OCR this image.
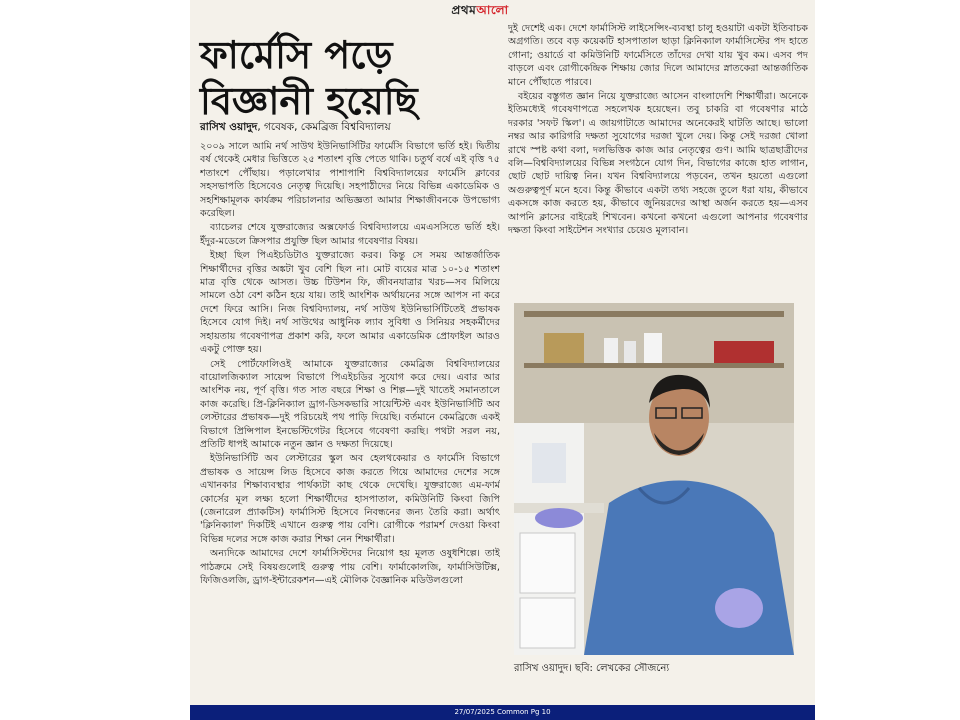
প্রথমআলো
ফার্মেসি পড়ে
বিজ্ঞানী হয়েছি
রাসিখ ওয়াদুদ, গবেষক, কেমব্রিজ বিশ্ববিদ্যালয়

২০০৯ সালে আমি নর্থ সাউথ ইউনিভার্সিটির ফার্মেসি বিভাগে ভর্তি হই। দ্বিতীয় বর্ষ থেকেই মেধার ভিত্তিতে ২৫ শতাংশ বৃত্তি পেতে থাকি। চতুর্থ বর্ষে এই বৃত্তি ৭৫ শতাংশে পৌঁছায়। পড়ালেখার পাশাপাশি বিশ্ববিদ্যালয়ের ফার্মেসি ক্লাবের সহসভাপতি হিসেবেও নেতৃত্ব দিয়েছি। সহপাঠীদের নিয়ে বিভিন্ন একাডেমিক ও সহশিক্ষামূলক কার্যক্রম পরিচালনার অভিজ্ঞতা আমার শিক্ষাজীবনকে উপভোগ্য করেছিল।

ব্যাচেলর শেষে যুক্তরাজ্যের অক্সফোর্ড বিশ্ববিদ্যালয়ে এমএসসিতে ভর্তি হই। ইঁদুর-মডেলে ক্রিসপার প্রযুক্তি ছিল আমার গবেষণার বিষয়।

ইচ্ছা ছিল পিএইচডিটাও যুক্তরাজ্যে করব। কিন্তু সে সময় আন্তর্জাতিক শিক্ষার্থীদের বৃত্তির অঙ্কটা খুব বেশি ছিল না। মোট ব্যয়ের মাত্র ১০-১৫ শতাংশ মাত্র বৃত্তি থেকে আসত। উচ্চ টিউশন ফি, জীবনযাত্রার খরচ—সব মিলিয়ে সামলে ওঠা বেশ কঠিন হয়ে যায়। তাই আংশিক অর্থায়নের সঙ্গে আপস না করে দেশে ফিরে আসি। নিজ বিশ্ববিদ্যালয়, নর্থ সাউথ ইউনিভার্সিটিতেই প্রভাষক হিসেবে যোগ দিই। নর্থ সাউথের আধুনিক ল্যাব সুবিধা ও সিনিয়র সহকর্মীদের সহায়তায় গবেষণাপত্র প্রকাশ করি, ফলে আমার একাডেমিক প্রোফাইল আরও একটু পোক্ত হয়।

সেই পোর্টফোলিওই আমাকে যুক্তরাজ্যের কেমব্রিজ বিশ্ববিদ্যালয়ের বায়োলজিক্যাল সায়েন্স বিভাগে পিএইচডির সুযোগ করে দেয়। এবার আর আংশিক নয়, পূর্ণ বৃত্তি। গত সাত বছরে শিক্ষা ও শিল্প—দুই খাতেই সমানতালে কাজ করেছি। প্রি-ক্লিনিক্যাল ড্রাগ-ডিসকভারি সায়েন্টিস্ট এবং ইউনিভার্সিটি অব লেস্টারের প্রভাষক—দুই পরিচয়েই পথ পাড়ি দিয়েছি। বর্তমানে কেমব্রিজে একই বিভাগে প্রিন্সিপাল ইনভেস্টিগেটর হিসেবে গবেষণা করছি। পথটা সরল নয়, প্রতিটি ধাপই আমাকে নতুন জ্ঞান ও দক্ষতা দিয়েছে।

ইউনিভার্সিটি অব লেস্টারের স্কুল অব হেলথকেয়ার ও ফার্মেসি বিভাগে প্রভাষক ও সায়েন্স লিড হিসেবে কাজ করতে গিয়ে আমাদের দেশের সঙ্গে এখানকার শিক্ষাব্যবস্থার পার্থক্যটা কাছ থেকে দেখেছি। যুক্তরাজ্যে এম-ফার্ম কোর্সের মূল লক্ষ্য হলো শিক্ষার্থীদের হাসপাতাল, কমিউনিটি কিংবা জিপি (জেনারেল প্র্যাকটিস) ফার্মাসিস্ট হিসেবে নিবন্ধনের জন্য তৈরি করা। অর্থাৎ 'ক্লিনিক্যাল' দিকটিই এখানে গুরুত্ব পায় বেশি। রোগীকে পরামর্শ দেওয়া কিংবা বিভিন্ন দলের সঙ্গে কাজ করার শিক্ষা নেন শিক্ষার্থীরা।

অন্যদিকে আমাদের দেশে ফার্মাসিস্টদের নিয়োগ হয় মূলত ওষুধশিল্পে। তাই পাঠক্রমে সেই বিষয়গুলোই গুরুত্ব পায় বেশি। ফার্মাকোলজি, ফার্মাসিউটিক্স, ফিজিওলজি, ড্রাগ-ইন্টারেকশন—এই মৌলিক বৈজ্ঞানিক মডিউলগুলো

দুই দেশেই এক। দেশে ফার্মাসিস্ট লাইসেন্সিং-ব্যবস্থা চালু হওয়াটা একটা ইতিবাচক অগ্রগতি। তবে বড় কয়েকটি হাসপাতাল ছাড়া ক্লিনিক্যাল ফার্মাসিস্টের পদ হাতে গোনা; ওয়ার্ডে বা কমিউনিটি ফার্মেসিতে তাঁদের দেখা যায় খুব কম। এসব পদ বাড়লে এবং রোগীকেন্দ্রিক শিক্ষায় জোর দিলে আমাদের স্নাতকেরা আন্তর্জাতিক মানে পৌঁছাতে পারবে।

বইয়ের বস্তুগত জ্ঞান নিয়ে যুক্তরাজ্যে আসেন বাংলাদেশি শিক্ষার্থীরা। অনেকে ইতিমধ্যেই গবেষণাপত্রে সহলেখক হয়েছেন। তবু চাকরি বা গবেষণার মাঠে দরকার 'সফট স্কিল'। এ জায়গাটাতে আমাদের অনেকেরই ঘাটতি আছে। ভালো নম্বর আর কারিগরি দক্ষতা সুযোগের দরজা খুলে দেয়। কিন্তু সেই দরজা খোলা রাখে স্পষ্ট কথা বলা, দলভিত্তিক কাজ আর নেতৃত্বের গুণ। আমি ছাত্রছাত্রীদের বলি—বিশ্ববিদ্যালয়ের বিভিন্ন সংগঠনে যোগ দিন, বিভাগের কাজে হাত লাগান, ছোট ছোট দায়িত্ব নিন। যখন বিশ্ববিদ্যালয়ে পড়বেন, তখন হয়তো এগুলো অগুরুত্বপূর্ণ মনে হবে। কিন্তু কীভাবে একটা তথ্য সহজে তুলে ধরা যায়, কীভাবে একসঙ্গে কাজ করতে হয়, কীভাবে জুনিয়রদের আস্থা অর্জন করতে হয়—এসব আপনি ক্লাসের বাইরেই শিখবেন। কখনো কখনো এগুলো আপনার গবেষণার দক্ষতা কিংবা সাইটেশন সংখ্যার চেয়েও মূল্যবান।

রাসিখ ওয়াদুদ। ছবি: লেখকের সৌজন্যে
27/07/2025 Common Pg 10
